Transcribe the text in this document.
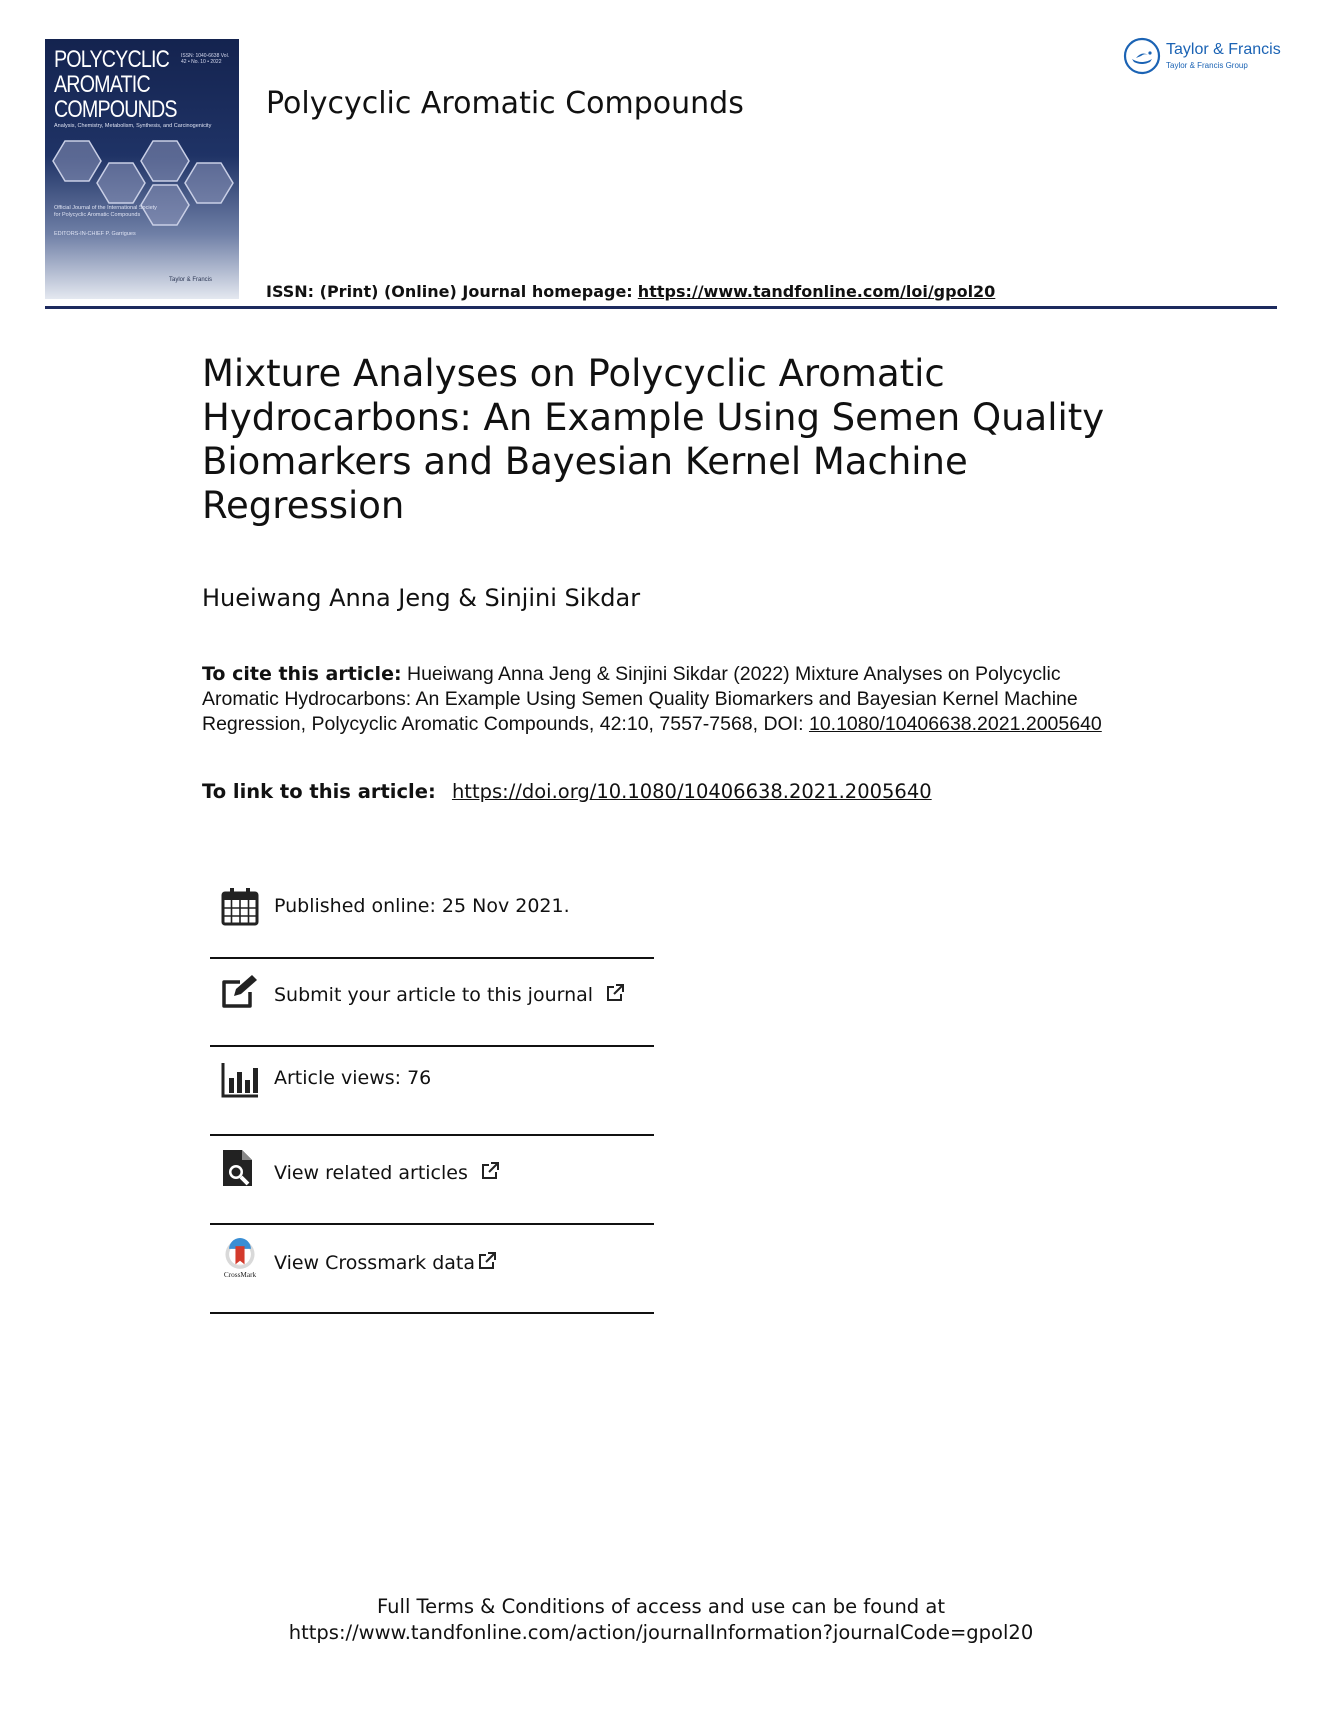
POLYCYCLIC
AROMATIC
COMPOUNDS
ISSN: 1040-6638 Vol. 42 • No. 10 • 2022
Analysis, Chemistry, Metabolism, Synthesis, and Carcinogenicity
Official Journal of the International Society for Polycyclic Aromatic Compounds
EDITORS-IN-CHIEF P. Garrigues
Taylor & Francis
Polycyclic Aromatic Compounds
ISSN: (Print) (Online) Journal homepage: https://www.tandfonline.com/loi/gpol20
Taylor & Francis
Taylor & Francis Group
Mixture Analyses on Polycyclic Aromatic Hydrocarbons: An Example Using Semen Quality Biomarkers and Bayesian Kernel Machine Regression
Hueiwang Anna Jeng & Sinjini Sikdar
To cite this article: Hueiwang Anna Jeng & Sinjini Sikdar (2022) Mixture Analyses on Polycyclic Aromatic Hydrocarbons: An Example Using Semen Quality Biomarkers and Bayesian Kernel Machine Regression, Polycyclic Aromatic Compounds, 42:10, 7557-7568, DOI: 10.1080/10406638.2021.2005640
To link to this article: https://doi.org/10.1080/10406638.2021.2005640
Published online: 25 Nov 2021.
Submit your article to this journal
Article views: 76
View related articles
CrossMark
View Crossmark data
Full Terms & Conditions of access and use can be found at
https://www.tandfonline.com/action/journalInformation?journalCode=gpol20
